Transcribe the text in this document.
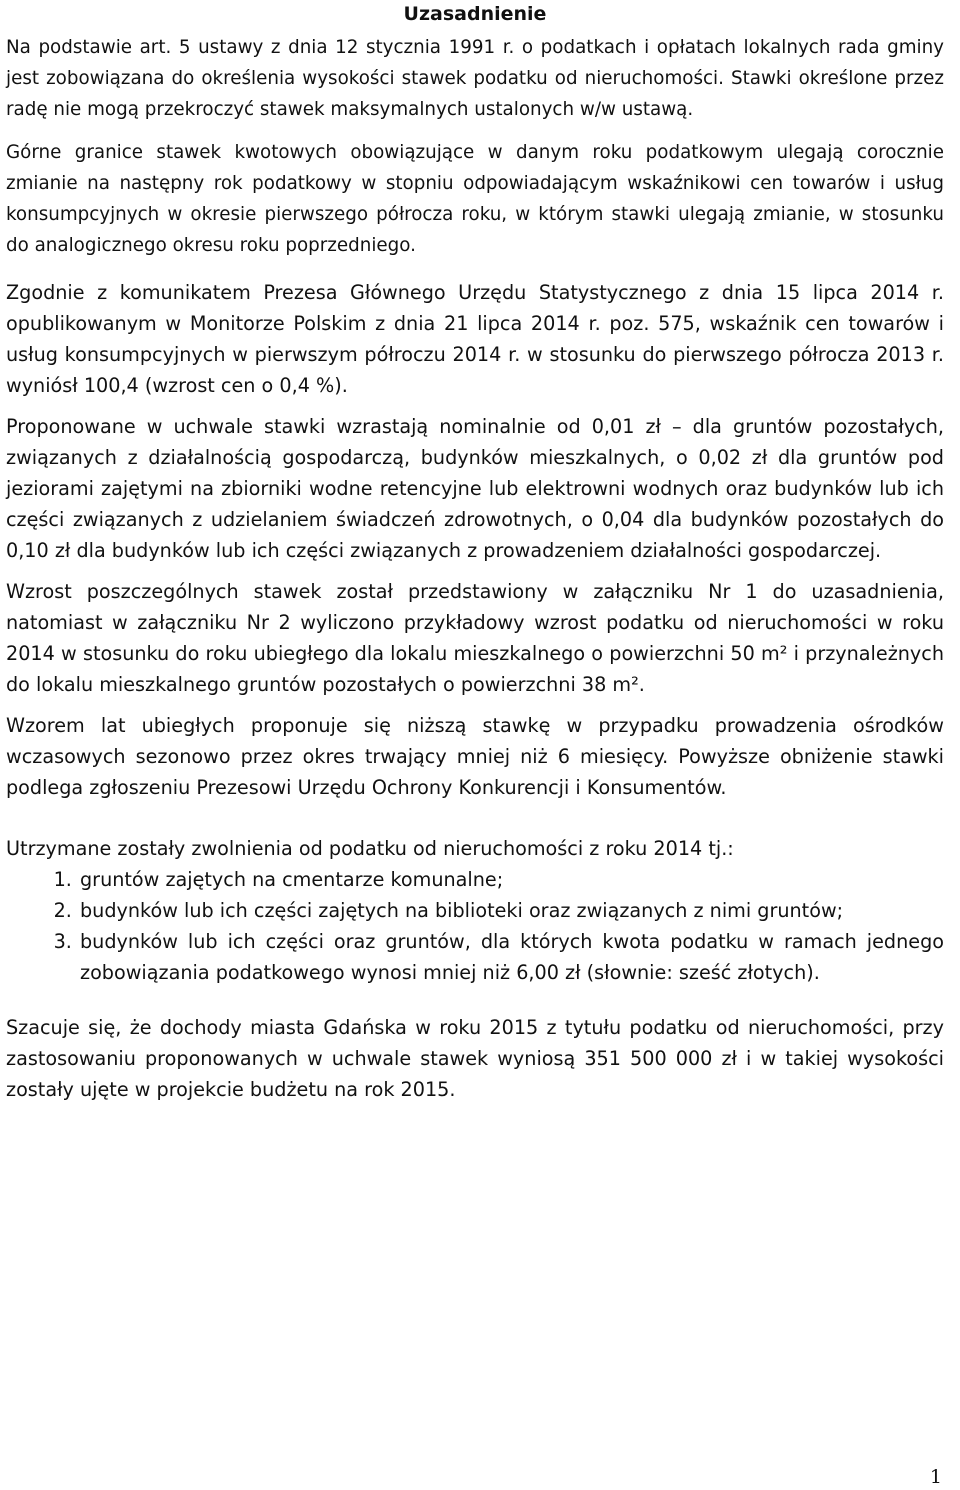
Uzasadnienie

Na podstawie art. 5 ustawy z dnia 12 stycznia 1991 r. o podatkach i opłatach lokalnych rada gminy jest zobowiązana do określenia wysokości stawek podatku od nieruchomości. Stawki określone przez radę nie mogą przekroczyć stawek maksymalnych ustalonych w/w ustawą.

Górne granice stawek kwotowych obowiązujące w danym roku podatkowym ulegają corocznie zmianie na następny rok podatkowy w stopniu odpowiadającym wskaźnikowi cen towarów i usług konsumpcyjnych w okresie pierwszego półrocza roku, w którym stawki ulegają zmianie, w stosunku do analogicznego okresu roku poprzedniego.

Zgodnie z komunikatem Prezesa Głównego Urzędu Statystycznego z dnia 15 lipca 2014 r. opublikowanym w Monitorze Polskim z dnia 21 lipca 2014 r. poz. 575, wskaźnik cen towarów i usług konsumpcyjnych w pierwszym półroczu 2014 r. w stosunku do pierwszego półrocza 2013 r. wyniósł 100,4 (wzrost cen o 0,4 %).

Proponowane w uchwale stawki wzrastają nominalnie od 0,01 zł – dla gruntów pozostałych, związanych z działalnością gospodarczą, budynków mieszkalnych, o 0,02 zł dla gruntów pod jeziorami zajętymi na zbiorniki wodne retencyjne lub elektrowni wodnych oraz budynków lub ich części związanych z udzielaniem świadczeń zdrowotnych, o 0,04 dla budynków pozostałych do 0,10 zł dla budynków lub ich części związanych z prowadzeniem działalności gospodarczej.

Wzrost poszczególnych stawek został przedstawiony w załączniku Nr 1 do uzasadnienia, natomiast w załączniku Nr 2 wyliczono przykładowy wzrost podatku od nieruchomości w roku 2014 w stosunku do roku ubiegłego dla lokalu mieszkalnego o powierzchni 50 m² i przynależnych do lokalu mieszkalnego gruntów pozostałych o powierzchni 38 m².

Wzorem lat ubiegłych proponuje się niższą stawkę w przypadku prowadzenia ośrodków wczasowych sezonowo przez okres trwający mniej niż 6 miesięcy. Powyższe obniżenie stawki podlega zgłoszeniu Prezesowi Urzędu Ochrony Konkurencji i Konsumentów.

Utrzymane zostały zwolnienia od podatku od nieruchomości z roku 2014 tj.:

1. gruntów zajętych na cmentarze komunalne;
2. budynków lub ich części zajętych na biblioteki oraz związanych z nimi gruntów;
3. budynków lub ich części oraz gruntów, dla których kwota podatku w ramach jednego zobowiązania podatkowego wynosi mniej niż 6,00 zł (słownie: sześć złotych).

Szacuje się, że dochody miasta Gdańska w roku 2015 z tytułu podatku od nieruchomości, przy zastosowaniu proponowanych w uchwale stawek wyniosą 351 500 000 zł i w takiej wysokości zostały ujęte w projekcie budżetu na rok 2015.

1
